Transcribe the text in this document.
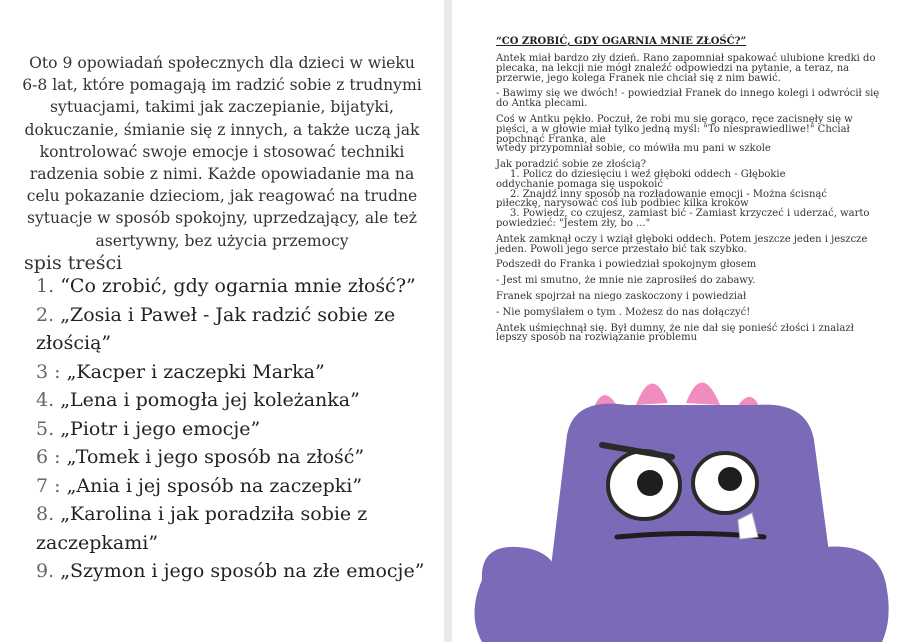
Oto 9 opowiadań społecznych dla dzieci w wieku 6-8 lat, które pomagają im radzić sobie z trudnymi sytuacjami, takimi jak zaczepianie, bijatyki, dokuczanie, śmianie się z innych, a także uczą jak kontrolować swoje emocje i stosować techniki radzenia sobie z nimi. Każde opowiadanie ma na celu pokazanie dzieciom, jak reagować na trudne sytuacje w sposób spokojny, uprzedzający, ale też asertywny, bez użycia przemocy

spis treści
1. “Co zrobić, gdy ogarnia mnie złość?”
2. „Zosia i Paweł - Jak radzić sobie ze złością”
3 : „Kacper i zaczepki Marka”
4. „Lena i pomogła jej koleżanka”
5. „Piotr i jego emocje”
6 : „Tomek i jego sposób na złość”
7 : „Ania i jej sposób na zaczepki”
8. „Karolina i jak poradziła sobie z zaczepkami”
9. „Szymon i jego sposób na złe emocje”
“CO ZROBIĆ, GDY OGARNIA MNIE ZŁOŚĆ?”

Antek miał bardzo zły dzień. Rano zapomniał spakować ulubione kredki do plecaka, na lekcji nie mógł znaleźć odpowiedzi na pytanie, a teraz, na przerwie, jego kolega Franek nie chciał się z nim bawić.

- Bawimy się we dwóch! - powiedział Franek do innego kolegi i odwrócił się do Antka plecami.

Coś w Antku pękło. Poczuł, że robi mu się gorąco, ręce zacisnęły się w pięści, a w głowie miał tylko jedną myśl: "To niesprawiedliwe!" Chciał popchnąć Franka, ale

wtedy przypomniał sobie, co mówiła mu pani w szkole

Jak poradzić sobie ze złością?

1. Policz do dziesięciu i weź głęboki oddech - Głębokie

oddychanie pomaga się uspokoić

2. Znajdź inny sposób na rozładowanie emocji - Można ścisnąć

piłeczkę, narysować coś lub podbiec kilka kroków

3. Powiedz, co czujesz, zamiast bić - Zamiast krzyczeć i uderzać, warto

powiedzieć: "Jestem zły, bo ..."

Antek zamknął oczy i wziął głęboki oddech. Potem jeszcze jeden i jeszcze jeden. Powoli jego serce przestało bić tak szybko.

Podszedł do Franka i powiedział spokojnym głosem

- Jest mi smutno, że mnie nie zaprosiłeś do zabawy.

Franek spojrzał na niego zaskoczony i powiedział

- Nie pomyślałem o tym . Możesz do nas dołączyć!

Antek uśmiechnął się. Był dumny, że nie dał się ponieść złości i znalazł lepszy sposób na rozwiązanie problemu
